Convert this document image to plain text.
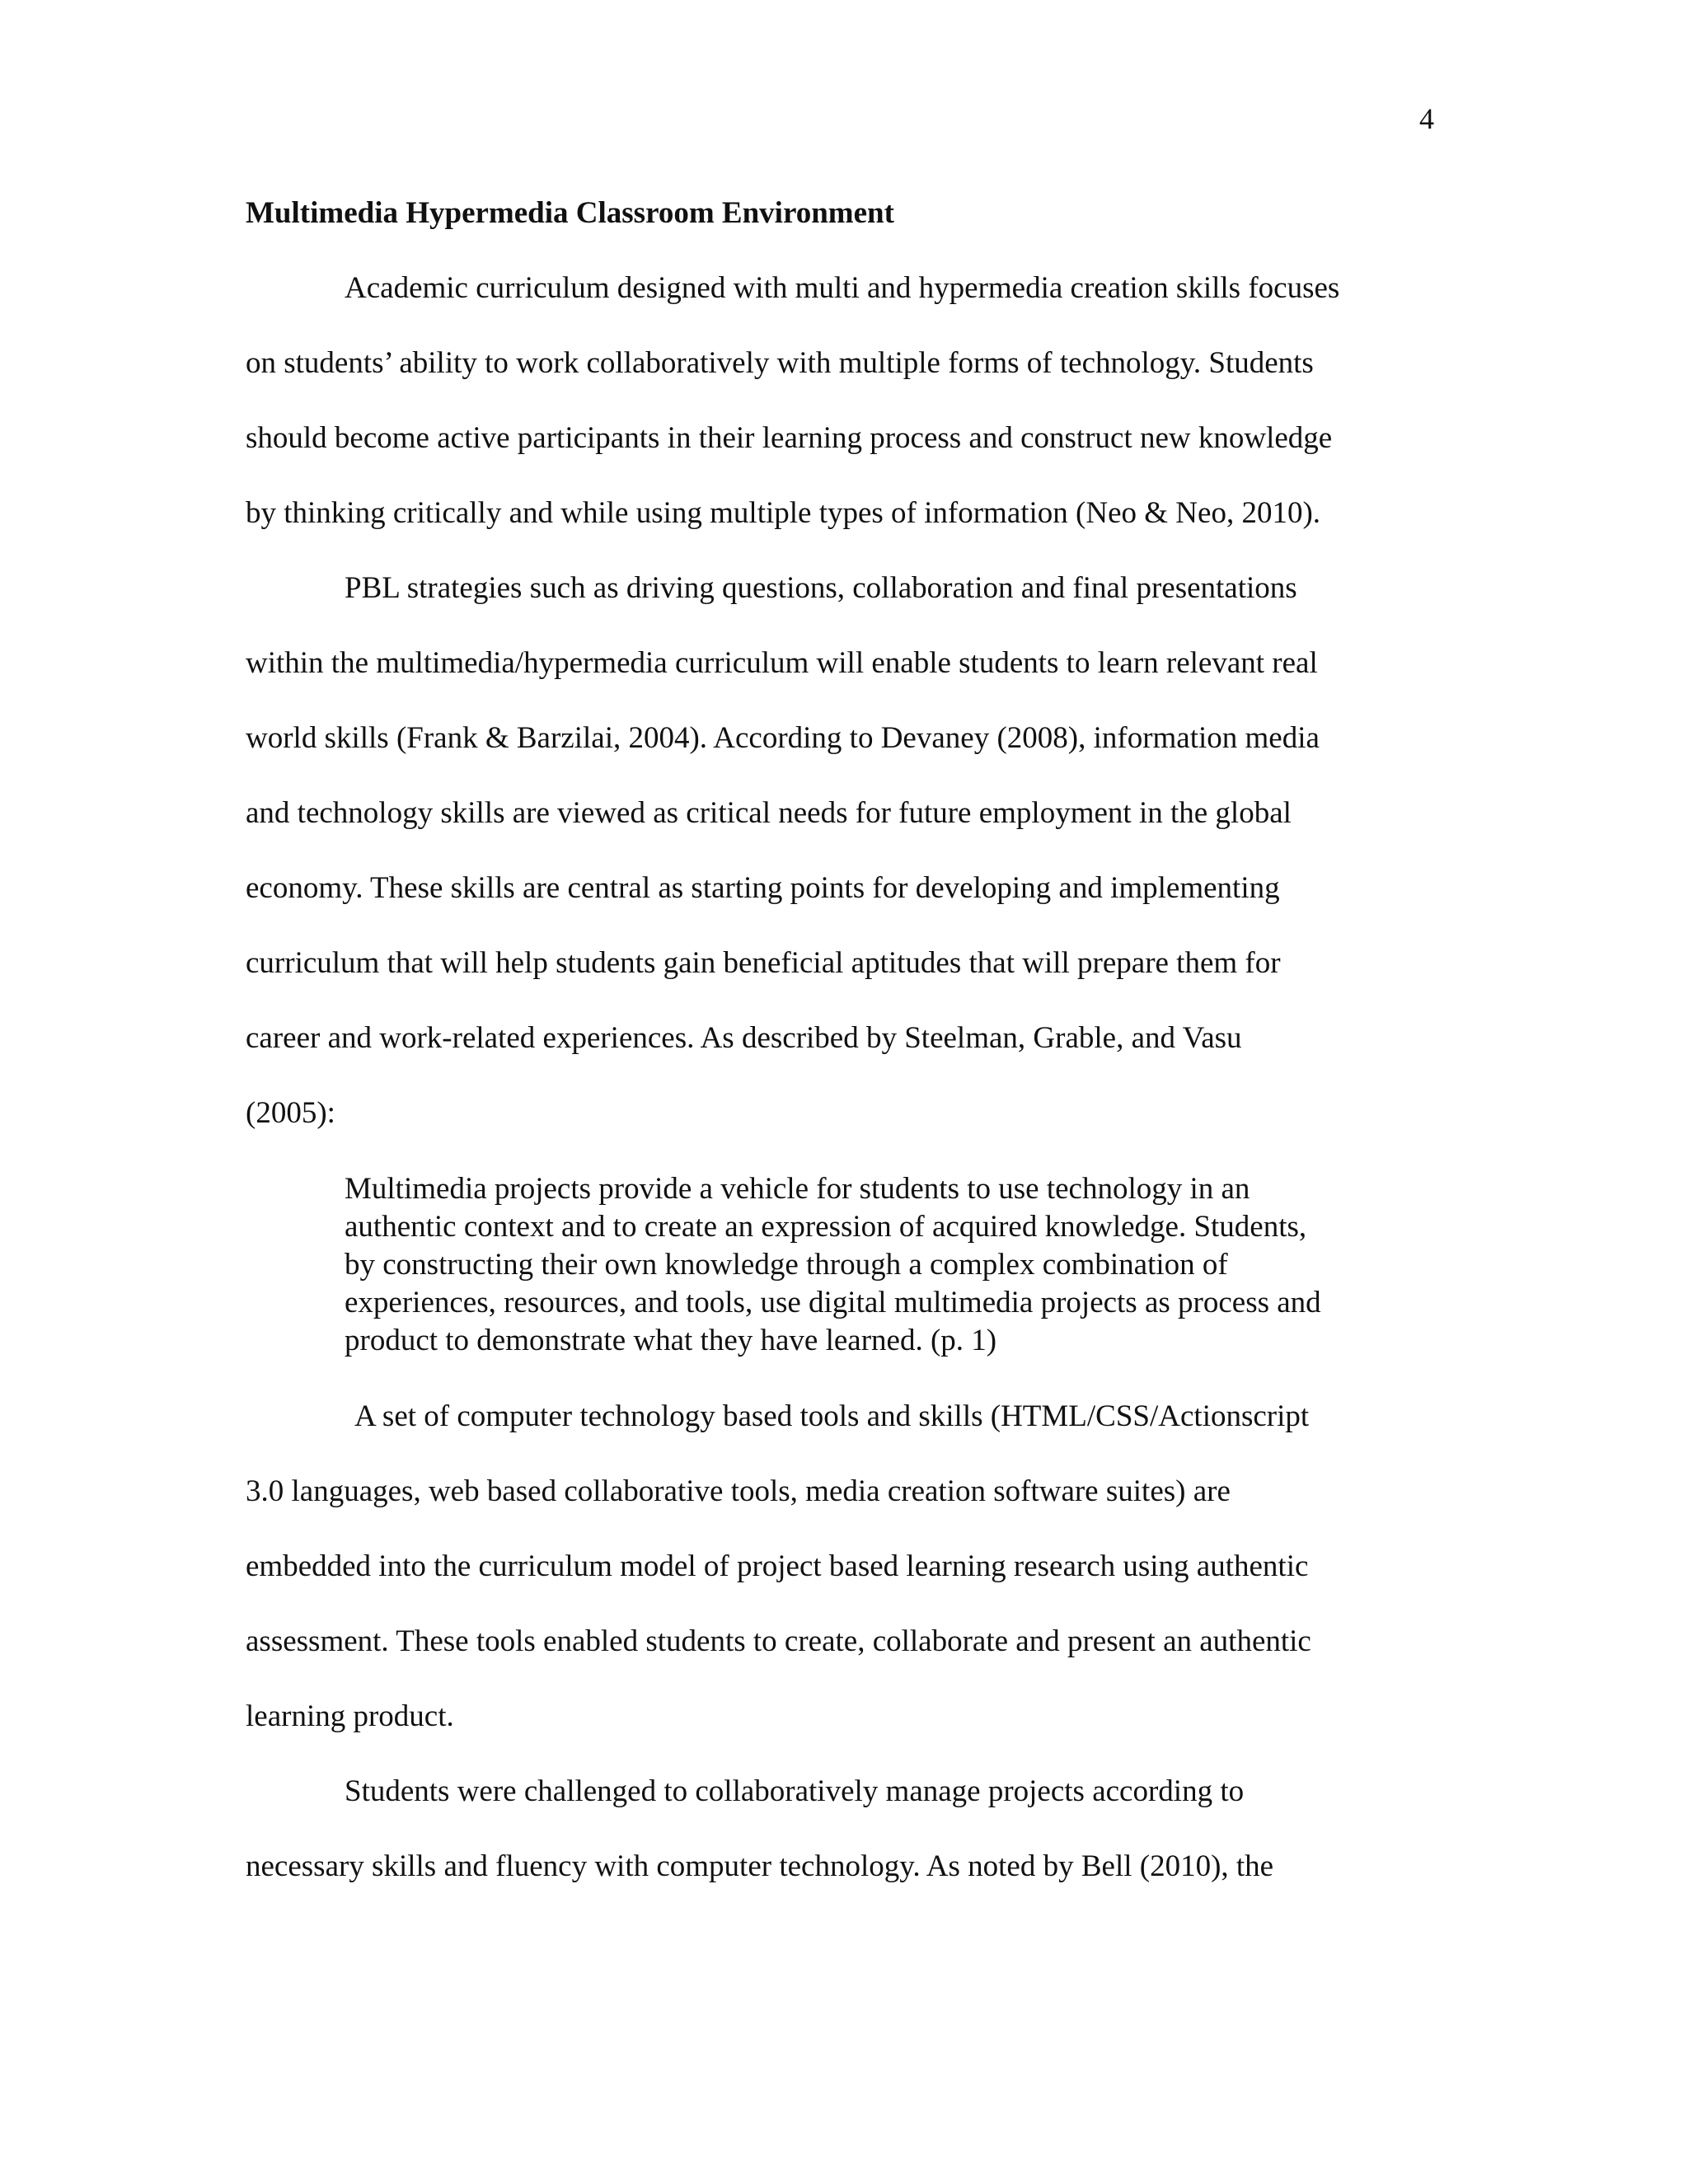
4
Multimedia Hypermedia Classroom Environment
Academic curriculum designed with multi and hypermedia creation skills focuses
on students’ ability to work collaboratively with multiple forms of technology. Students
should become active participants in their learning process and construct new knowledge
by thinking critically and while using multiple types of information (Neo & Neo, 2010).
PBL strategies such as driving questions, collaboration and final presentations
within the multimedia/hypermedia curriculum will enable students to learn relevant real
world skills (Frank & Barzilai, 2004). According to Devaney (2008), information media
and technology skills are viewed as critical needs for future employment in the global
economy. These skills are central as starting points for developing and implementing
curriculum that will help students gain beneficial aptitudes that will prepare them for
career and work-related experiences. As described by Steelman, Grable, and Vasu
(2005):
Multimedia projects provide a vehicle for students to use technology in an
authentic context and to create an expression of acquired knowledge. Students,
by constructing their own knowledge through a complex combination of
experiences, resources, and tools, use digital multimedia projects as process and
product to demonstrate what they have learned. (p. 1)
A set of computer technology based tools and skills (HTML/CSS/Actionscript
3.0 languages, web based collaborative tools, media creation software suites) are
embedded into the curriculum model of project based learning research using authentic
assessment. These tools enabled students to create, collaborate and present an authentic
learning product.
Students were challenged to collaboratively manage projects according to
necessary skills and fluency with computer technology. As noted by Bell (2010), the
